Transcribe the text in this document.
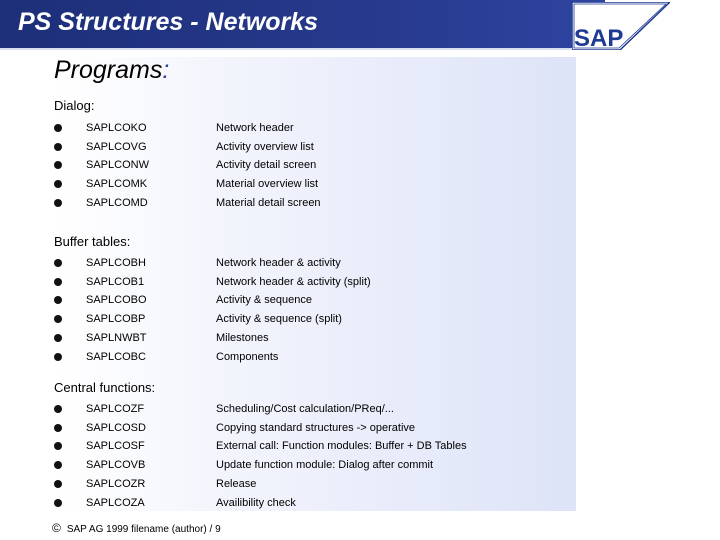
PS Structures - Networks
SAP
Programs:
Dialog:
SAPLCOKO	Network header
SAPLCOVG	Activity overview list
SAPLCONW	Activity detail screen
SAPLCOMK	Material overview list
SAPLCOMD	Material detail screen
Buffer tables:
SAPLCOBH	Network header & activity
SAPLCOB1	Network header & activity (split)
SAPLCOBO	Activity & sequence
SAPLCOBP	Activity & sequence (split)
SAPLNWBT	Milestones
SAPLCOBC	Components
Central functions:
SAPLCOZF	Scheduling/Cost calculation/PReq/...
SAPLCOSD	Copying standard structures -> operative
SAPLCOSF	External call: Function modules: Buffer + DB Tables
SAPLCOVB	Update function module: Dialog after commit
SAPLCOZR	Release
SAPLCOZA	Availibility check
© SAP AG 1999 filename (author) / 9
